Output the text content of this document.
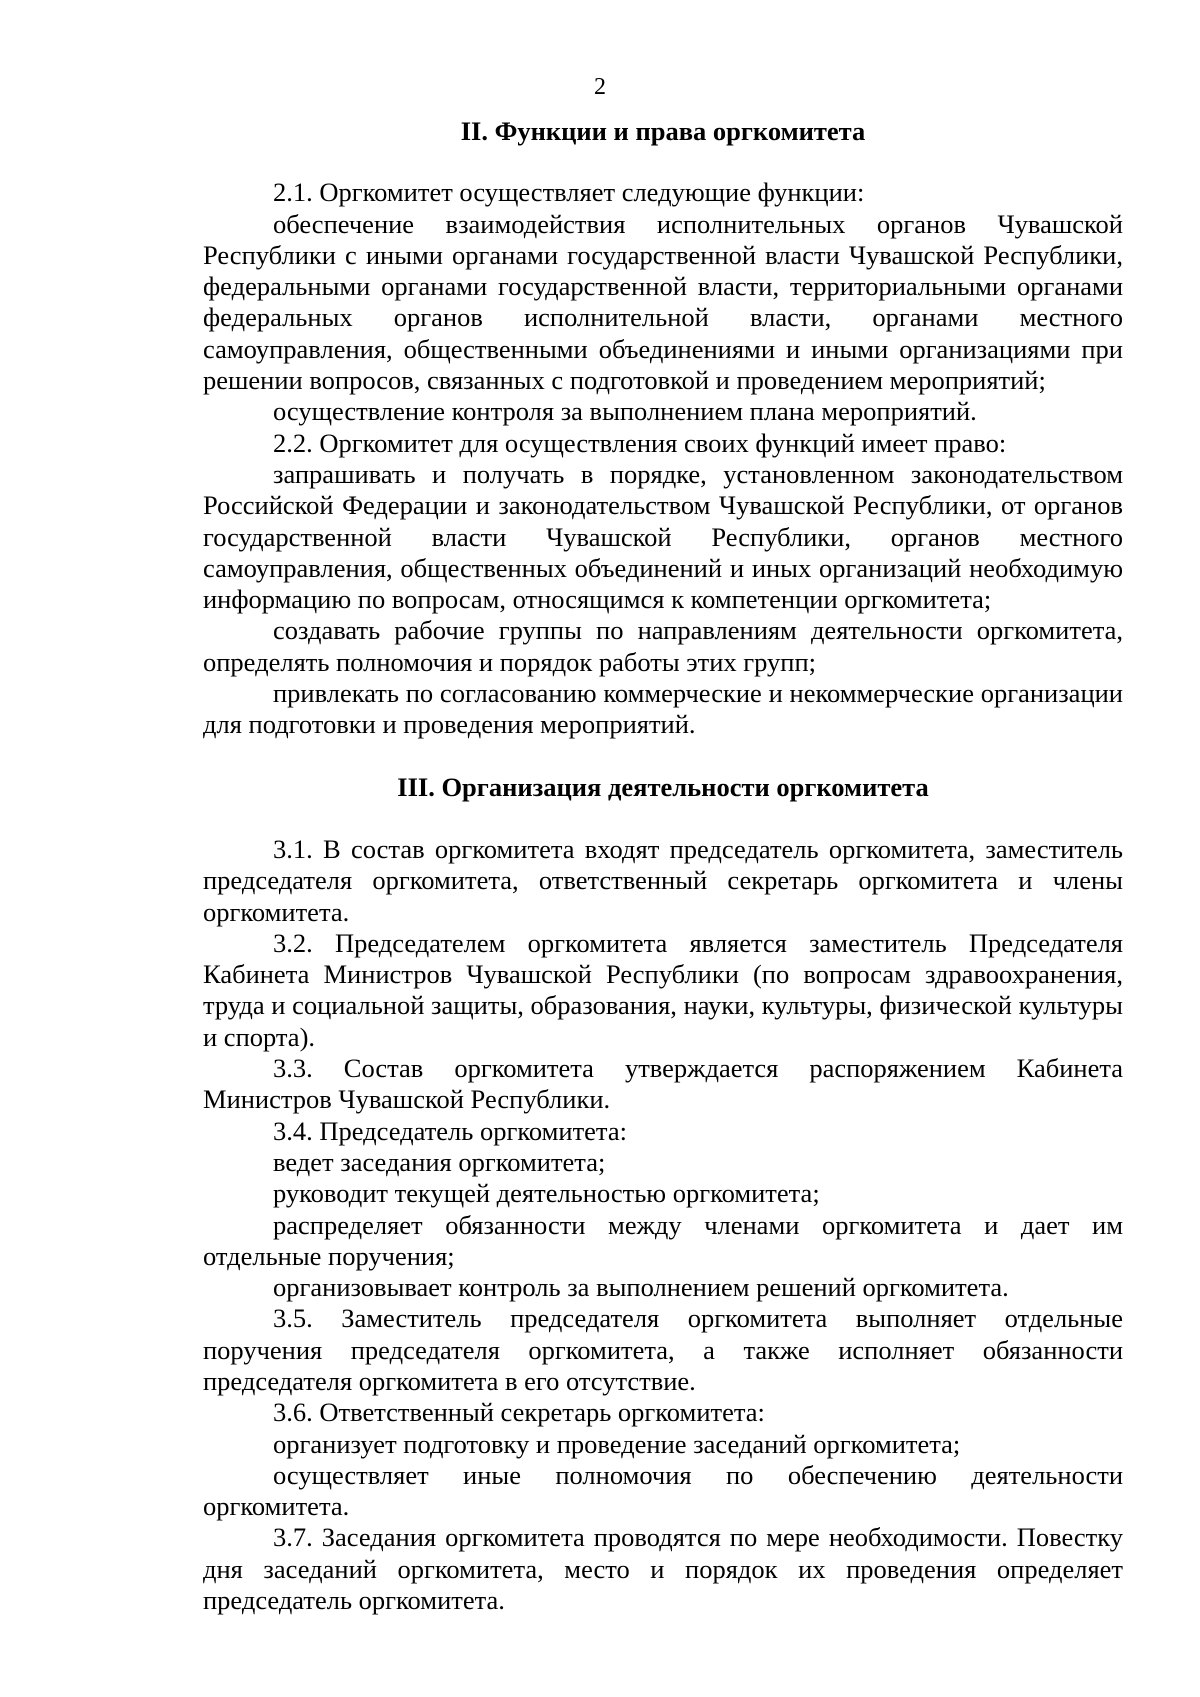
2
II. Функции и права оргкомитета

2.1. Оргкомитет осуществляет следующие функции:

обеспечение взаимодействия исполнительных органов Чувашской Республики с иными органами государственной власти Чувашской Республики, федеральными органами государственной власти, территориальными органами федеральных органов исполнительной власти, органами местного самоуправления, общественными объединениями и иными организациями при решении вопросов, связанных с подготовкой и проведением мероприятий;

осуществление контроля за выполнением плана мероприятий.

2.2. Оргкомитет для осуществления своих функций имеет право:

запрашивать и получать в порядке, установленном законодательством Российской Федерации и законодательством Чувашской Республики, от органов государственной власти Чувашской Республики, органов местного самоуправления, общественных объединений и иных организаций необходимую информацию по вопросам, относящимся к компетенции оргкомитета;

создавать рабочие группы по направлениям деятельности оргкомитета, определять полномочия и порядок работы этих групп;

привлекать по согласованию коммерческие и некоммерческие организации для подготовки и проведения мероприятий.

III. Организация деятельности оргкомитета

3.1. В состав оргкомитета входят председатель оргкомитета, заместитель председателя оргкомитета, ответственный секретарь оргкомитета и члены оргкомитета.

3.2. Председателем оргкомитета является заместитель Председателя Кабинета Министров Чувашской Республики (по вопросам здравоохранения, труда и социальной защиты, образования, науки, культуры, физической культуры и спорта).

3.3. Состав оргкомитета утверждается распоряжением Кабинета Министров Чувашской Республики.

3.4. Председатель оргкомитета:

ведет заседания оргкомитета;

руководит текущей деятельностью оргкомитета;

распределяет обязанности между членами оргкомитета и дает им отдельные поручения;

организовывает контроль за выполнением решений оргкомитета.

3.5. Заместитель председателя оргкомитета выполняет отдельные поручения председателя оргкомитета, а также исполняет обязанности председателя оргкомитета в его отсутствие.

3.6. Ответственный секретарь оргкомитета:

организует подготовку и проведение заседаний оргкомитета;

осуществляет иные полномочия по обеспечению деятельности оргкомитета.

3.7. Заседания оргкомитета проводятся по мере необходимости. Повестку дня заседаний оргкомитета, место и порядок их проведения определяет председатель оргкомитета.
